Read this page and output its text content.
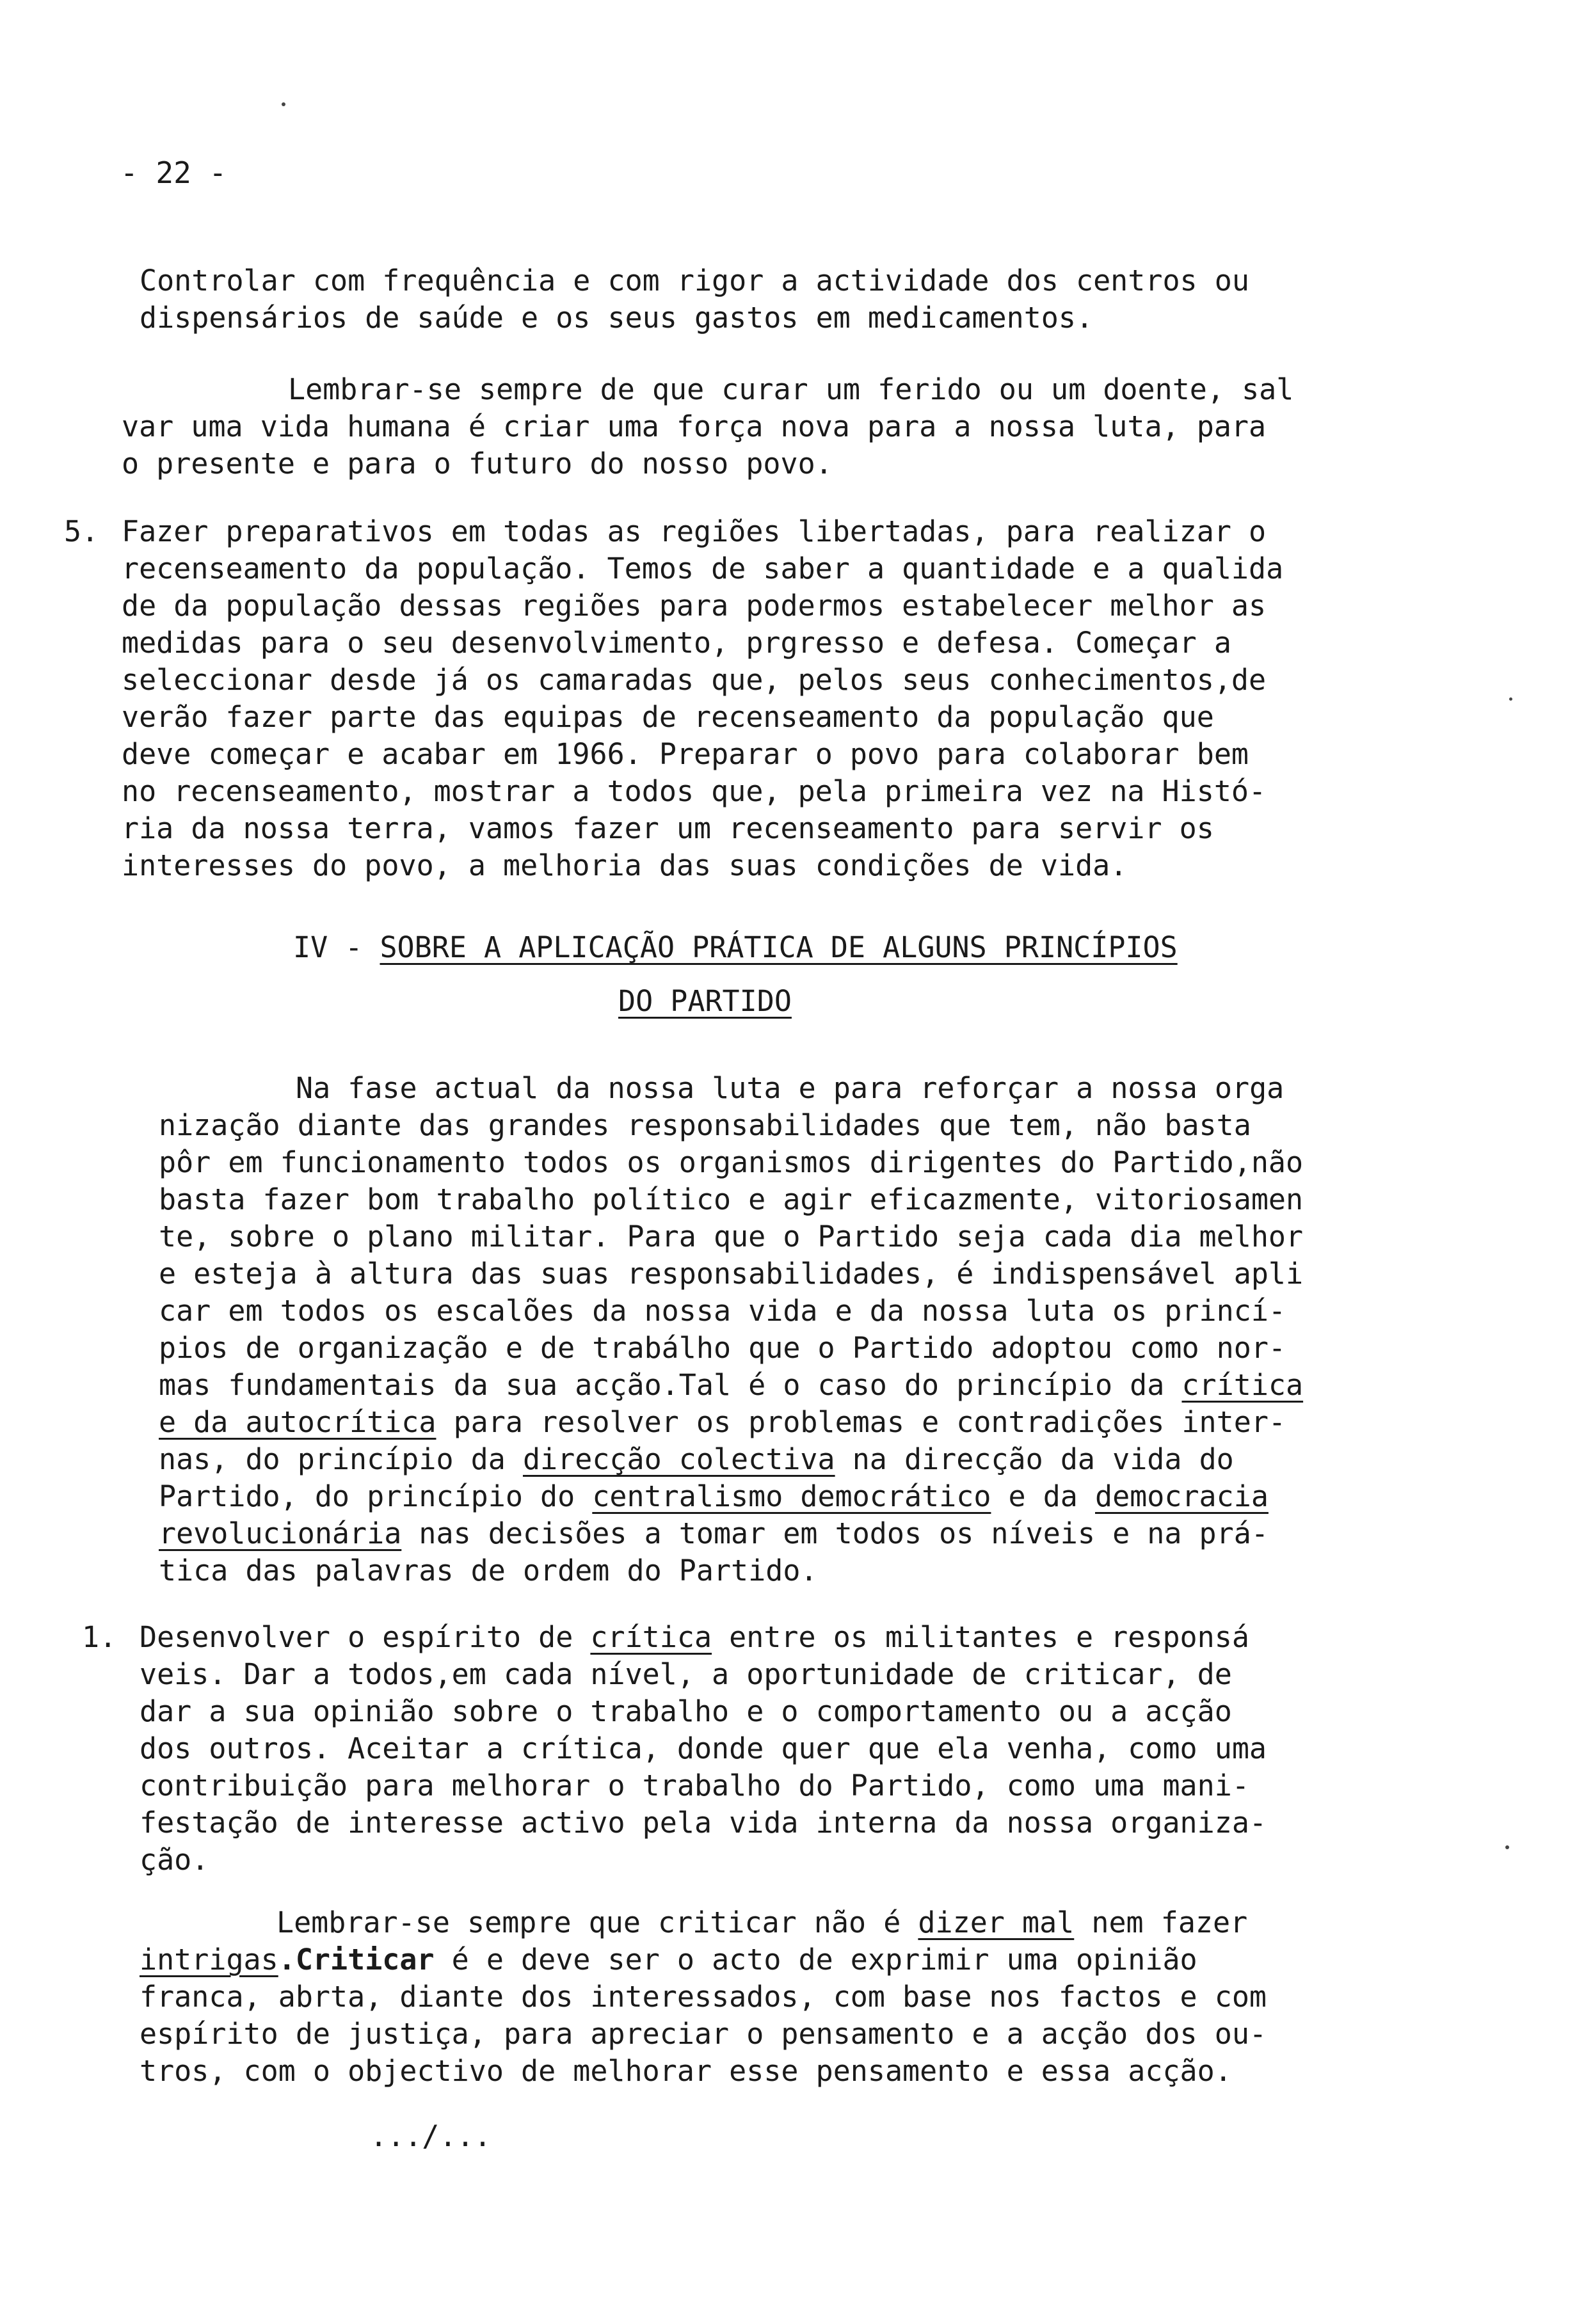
- 22 -
Controlar com frequência e com rigor a actividade dos centros ou
dispensários de saúde e os seus gastos em medicamentos.
Lembrar-se sempre de que curar um ferido ou um doente, sal
var uma vida humana é criar uma força nova para a nossa luta, para
o presente e para o futuro do nosso povo.
5. Fazer preparativos em todas as regiões libertadas, para realizar o
recenseamento da população. Temos de saber a quantidade e a qualida
de da população dessas regiões para podermos estabelecer melhor as
medidas para o seu desenvolvimento, prgresso e defesa. Começar a
seleccionar desde já os camaradas que, pelos seus conhecimentos,de
verão fazer parte das equipas de recenseamento da população que
deve começar e acabar em 1966. Preparar o povo para colaborar bem
no recenseamento, mostrar a todos que, pela primeira vez na Histó-
ria da nossa terra, vamos fazer um recenseamento para servir os
interesses do povo, a melhoria das suas condições de vida.
IV - SOBRE A APLICAÇÃO PRÁTICA DE ALGUNS PRINCÍPIOS
DO PARTIDO
Na fase actual da nossa luta e para reforçar a nossa orga
nização diante das grandes responsabilidades que tem, não basta
pôr em funcionamento todos os organismos dirigentes do Partido,não
basta fazer bom trabalho político e agir eficazmente, vitoriosamen
te, sobre o plano militar. Para que o Partido seja cada dia melhor
e esteja à altura das suas responsabilidades, é indispensável apli
car em todos os escalões da nossa vida e da nossa luta os princí-
pios de organização e de trabálho que o Partido adoptou como nor-
mas fundamentais da sua acção.Tal é o caso do princípio da crítica
e da autocrítica para resolver os problemas e contradições inter-
nas, do princípio da direcção colectiva na direcção da vida do
Partido, do princípio do centralismo democrático e da democracia
revolucionária nas decisões a tomar em todos os níveis e na prá-
tica das palavras de ordem do Partido.
1. Desenvolver o espírito de crítica entre os militantes e responsá
veis. Dar a todos,em cada nível, a oportunidade de criticar, de
dar a sua opinião sobre o trabalho e o comportamento ou a acção
dos outros. Aceitar a crítica, donde quer que ela venha, como uma
contribuição para melhorar o trabalho do Partido, como uma mani-
festação de interesse activo pela vida interna da nossa organiza-
ção.
Lembrar-se sempre que criticar não é dizer mal nem fazer
intrigas.Criticar é e deve ser o acto de exprimir uma opinião
franca, abrta, diante dos interessados, com base nos factos e com
espírito de justiça, para apreciar o pensamento e a acção dos ou-
tros, com o objectivo de melhorar esse pensamento e essa acção.
.../...
